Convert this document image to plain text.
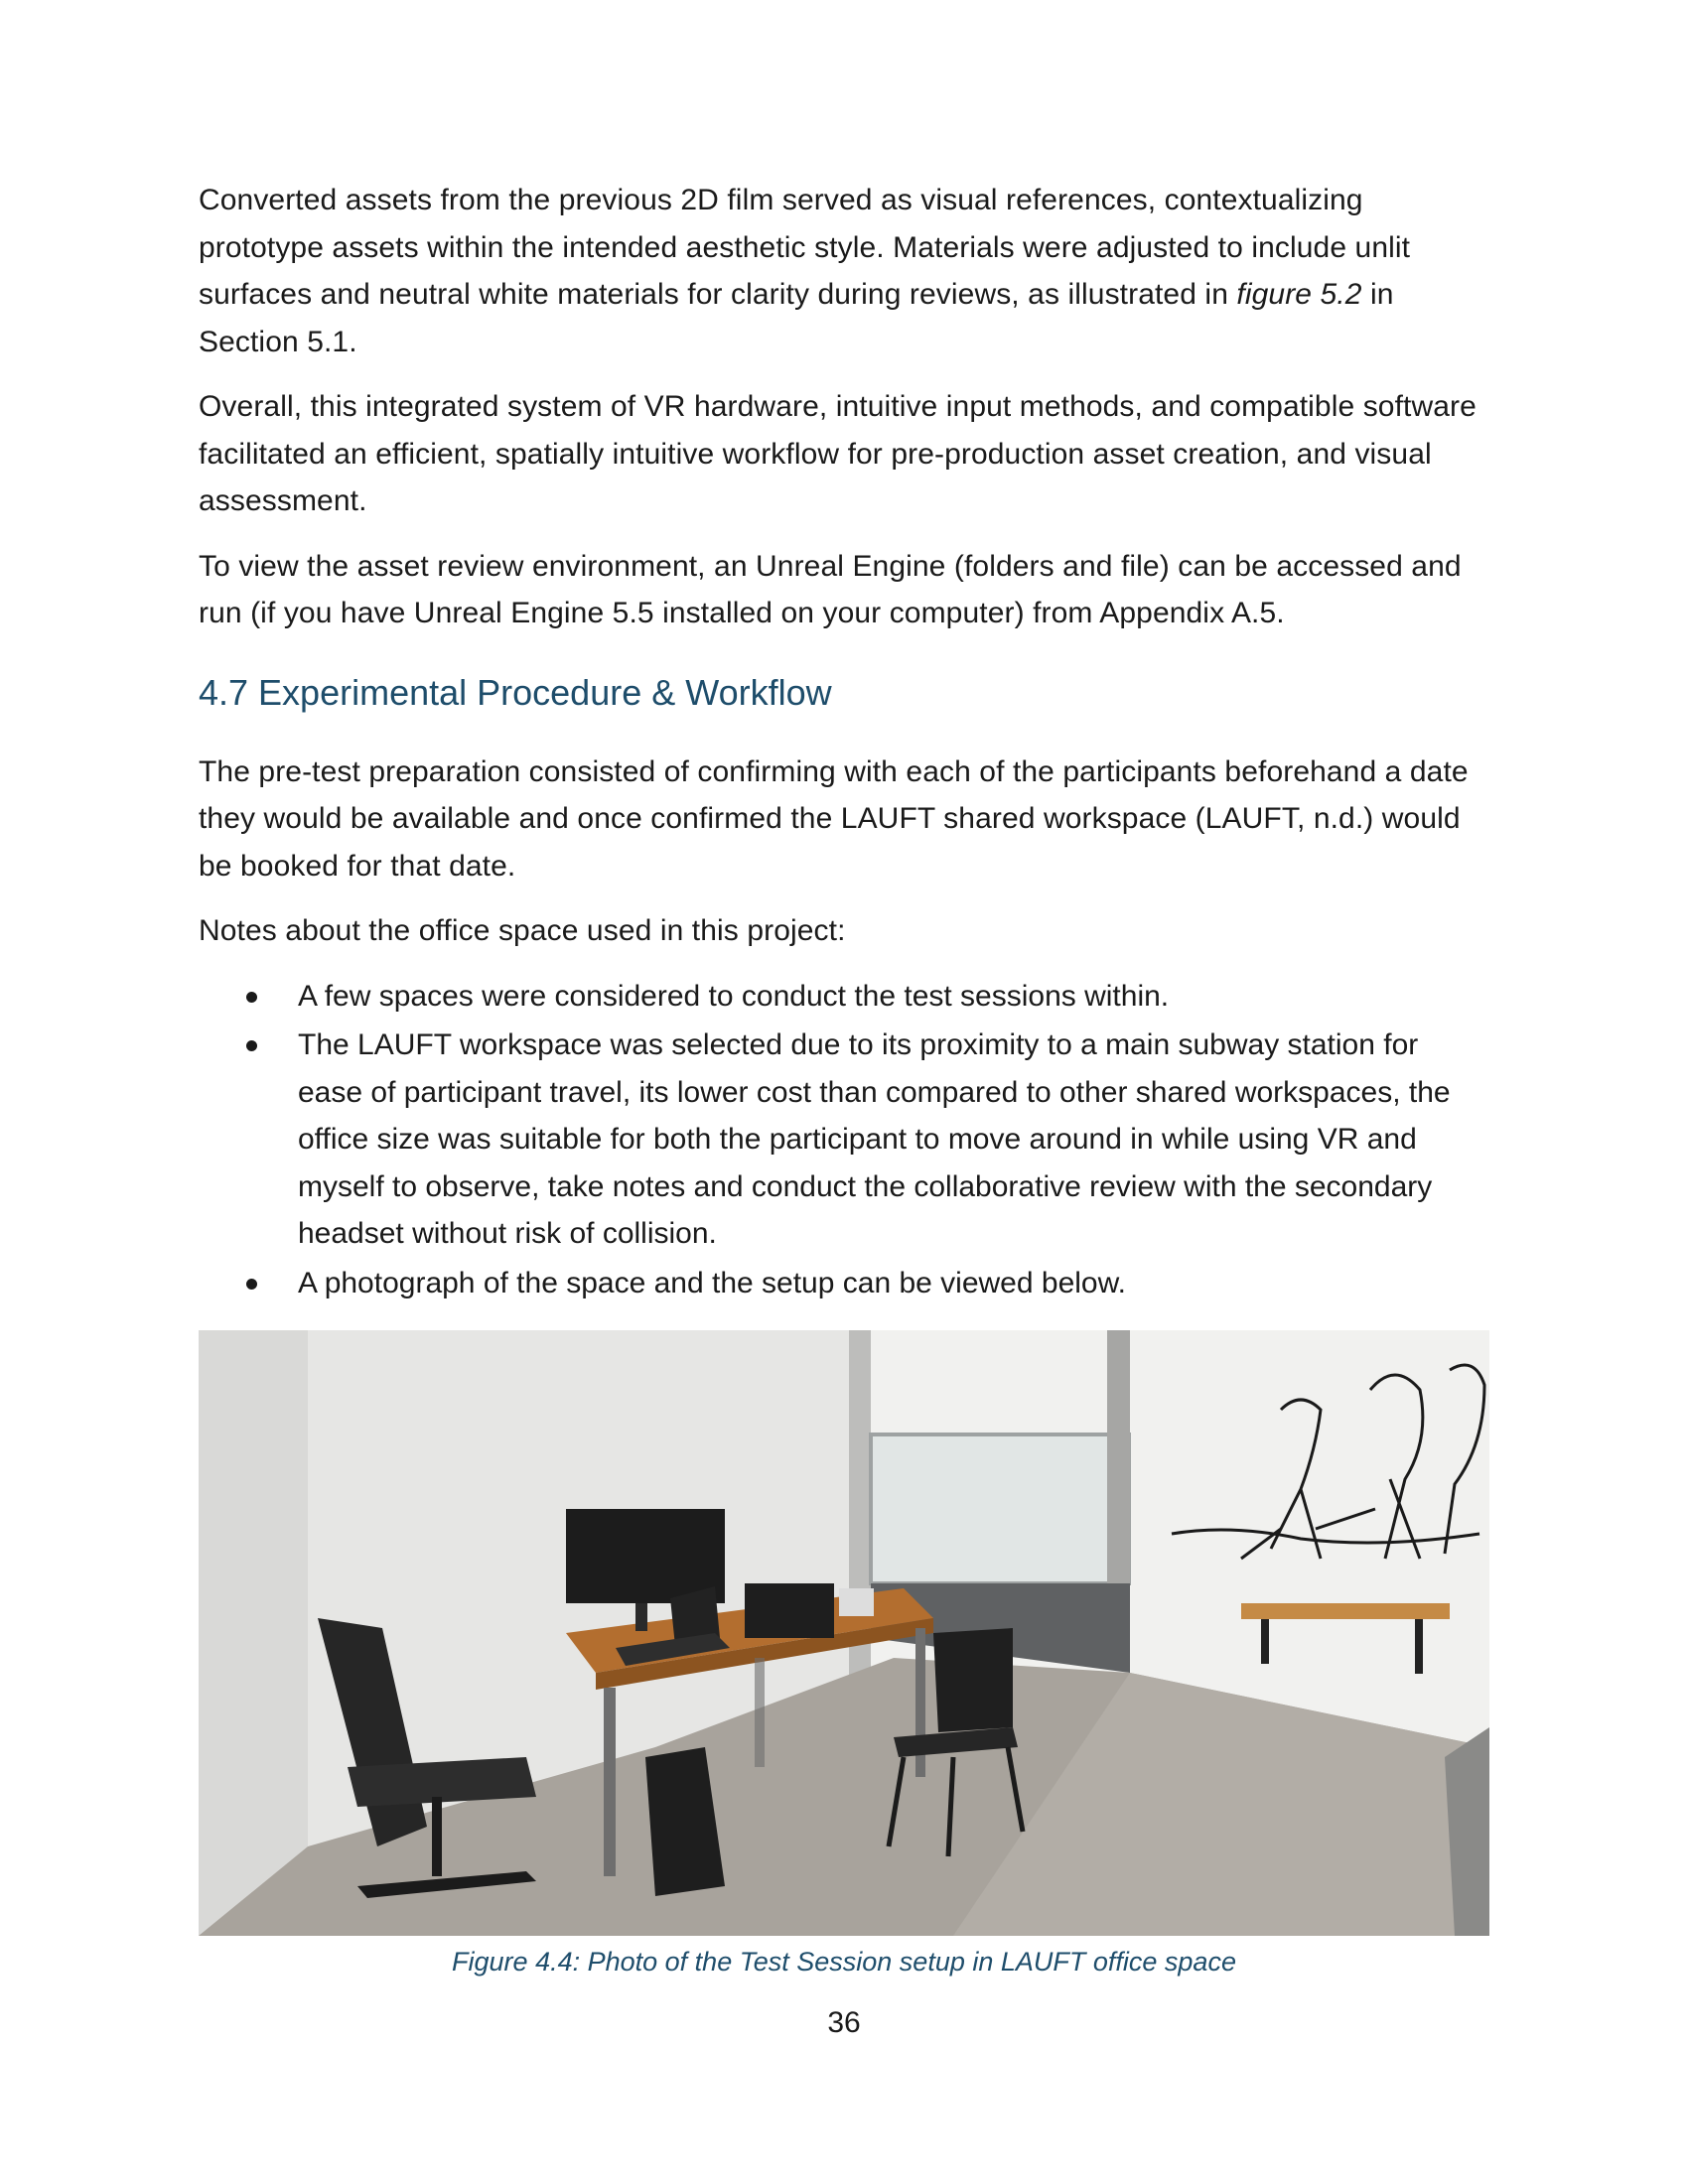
Converted assets from the previous 2D film served as visual references, contextualizing prototype assets within the intended aesthetic style. Materials were adjusted to include unlit surfaces and neutral white materials for clarity during reviews, as illustrated in figure 5.2 in Section 5.1.

Overall, this integrated system of VR hardware, intuitive input methods, and compatible software facilitated an efficient, spatially intuitive workflow for pre-production asset creation, and visual assessment.

To view the asset review environment, an Unreal Engine (folders and file) can be accessed and run (if you have Unreal Engine 5.5 installed on your computer) from Appendix A.5.

4.7 Experimental Procedure & Workflow

The pre-test preparation consisted of confirming with each of the participants beforehand a date they would be available and once confirmed the LAUFT shared workspace (LAUFT, n.d.) would be booked for that date.

Notes about the office space used in this project:

A few spaces were considered to conduct the test sessions within.
The LAUFT workspace was selected due to its proximity to a main subway station for ease of participant travel, its lower cost than compared to other shared workspaces, the office size was suitable for both the participant to move around in while using VR and myself to observe, take notes and conduct the collaborative review with the secondary headset without risk of collision.
A photograph of the space and the setup can be viewed below.
Figure 4.4: Photo of the Test Session setup in LAUFT office space
36
